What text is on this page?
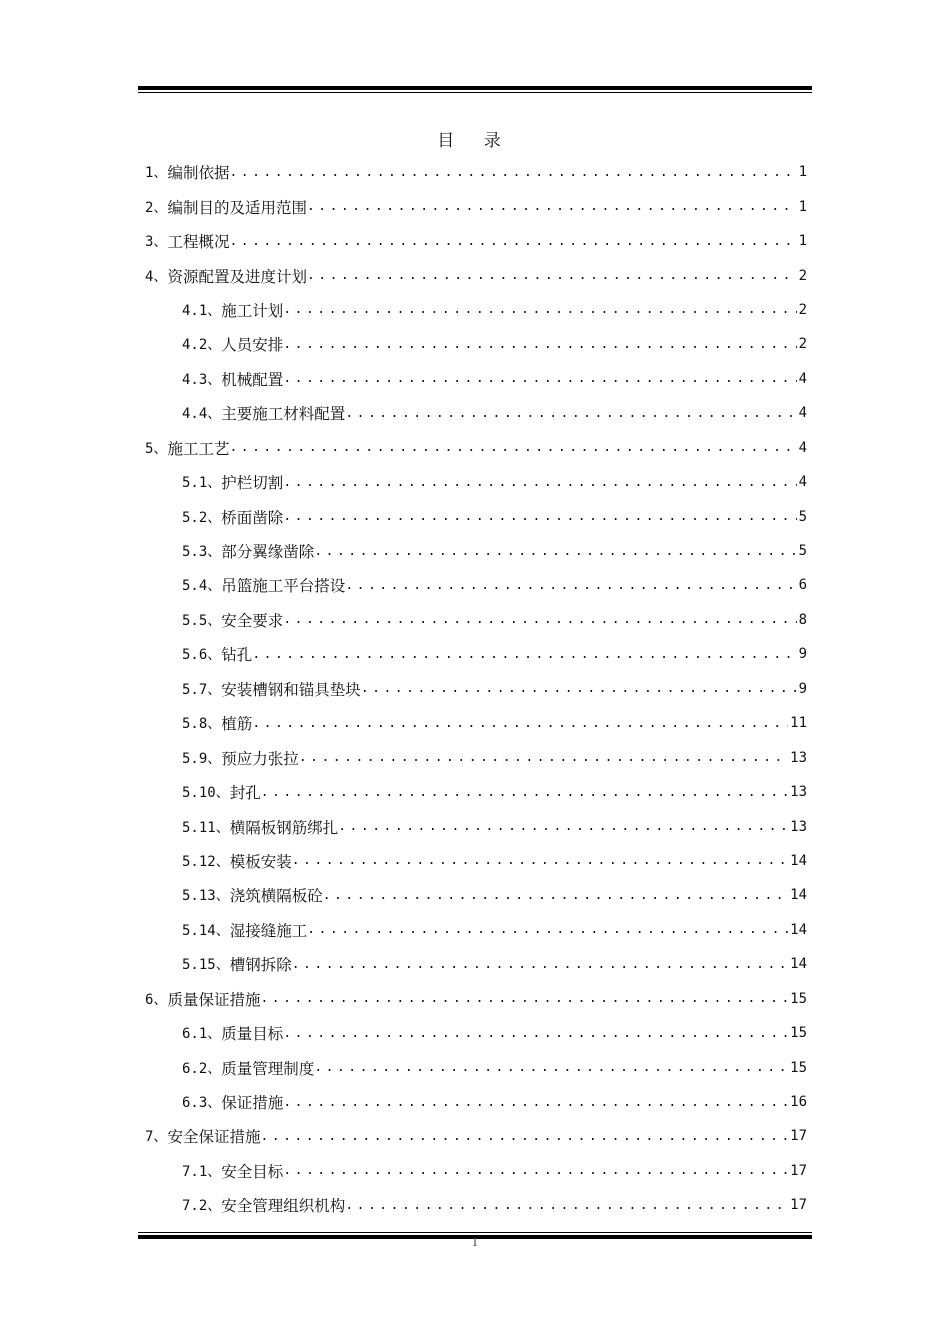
目 录
1、 编制依据 .....	1
2、 编制目的及适用范围 .....	1
3、 工程概况 .....	1
4、 资源配置及进度计划 .....	2
4.1、 施工计划 .....	2
4.2、 人员安排 .....	2
4.3、 机械配置 .....	4
4.4、 主要施工材料配置 .....	4
5、 施工工艺 .....	4
5.1、 护栏切割 .....	4
5.2、 桥面凿除 .....	5
5.3、 部分翼缘凿除 .....	5
5.4、 吊篮施工平台搭设 .....	6
5.5、 安全要求 .....	8
5.6、 钻孔 .....	9
5.7、 安装槽钢和锚具垫块 .....	9
5.8、 植筋 .....	11
5.9、 预应力张拉 .....	13
5.10、 封孔 .....	13
5.11、 横隔板钢筋绑扎 .....	13
5.12、 模板安装 .....	14
5.13、 浇筑横隔板砼 .....	14
5.14、 湿接缝施工 .....	14
5.15、 槽钢拆除 .....	14
6、 质量保证措施 .....	15
6.1、 质量目标 .....	15
6.2、 质量管理制度 .....	15
6.3、 保证措施 .....	16
7、 安全保证措施 .....	17
7.1、 安全目标 .....	17
7.2、 安全管理组织机构 .....	17
I
